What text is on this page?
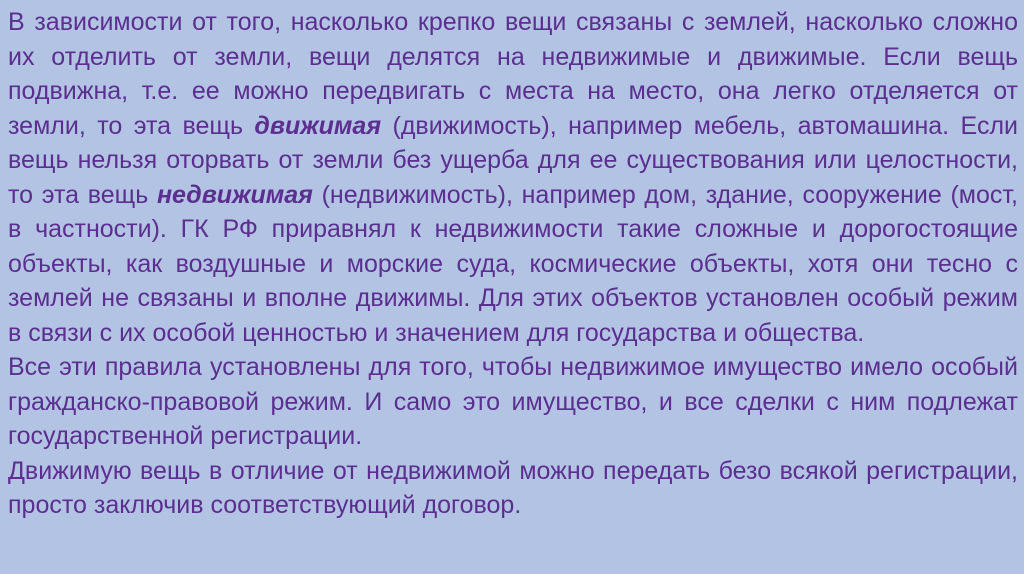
В зависимости от того, насколько крепко вещи связаны с землей, насколько сложно их отделить от земли, вещи делятся на недвижимые и движимые. Если вещь подвижна, т.е. ее можно передвигать с места на место, она легко отделяется от земли, то эта вещь движимая (движимость), например мебель, автомашина. Если вещь нельзя оторвать от земли без ущерба для ее существования или целостности, то эта вещь недвижимая (недвижимость), например дом, здание, сооружение (мост, в частности). ГК РФ приравнял к недвижимости такие сложные и дорогостоящие объекты, как воздушные и морские суда, космические объекты, хотя они тесно с землей не связаны и вполне движимы. Для этих объектов установлен особый режим в связи с их особой ценностью и значением для государства и общества.

Все эти правила установлены для того, чтобы недвижимое имущество имело особый гражданско-правовой режим. И само это имущество, и все сделки с ним подлежат государственной регистрации.

Движимую вещь в отличие от недвижимой можно передать безо всякой регистрации, просто заключив соответствующий договор.
